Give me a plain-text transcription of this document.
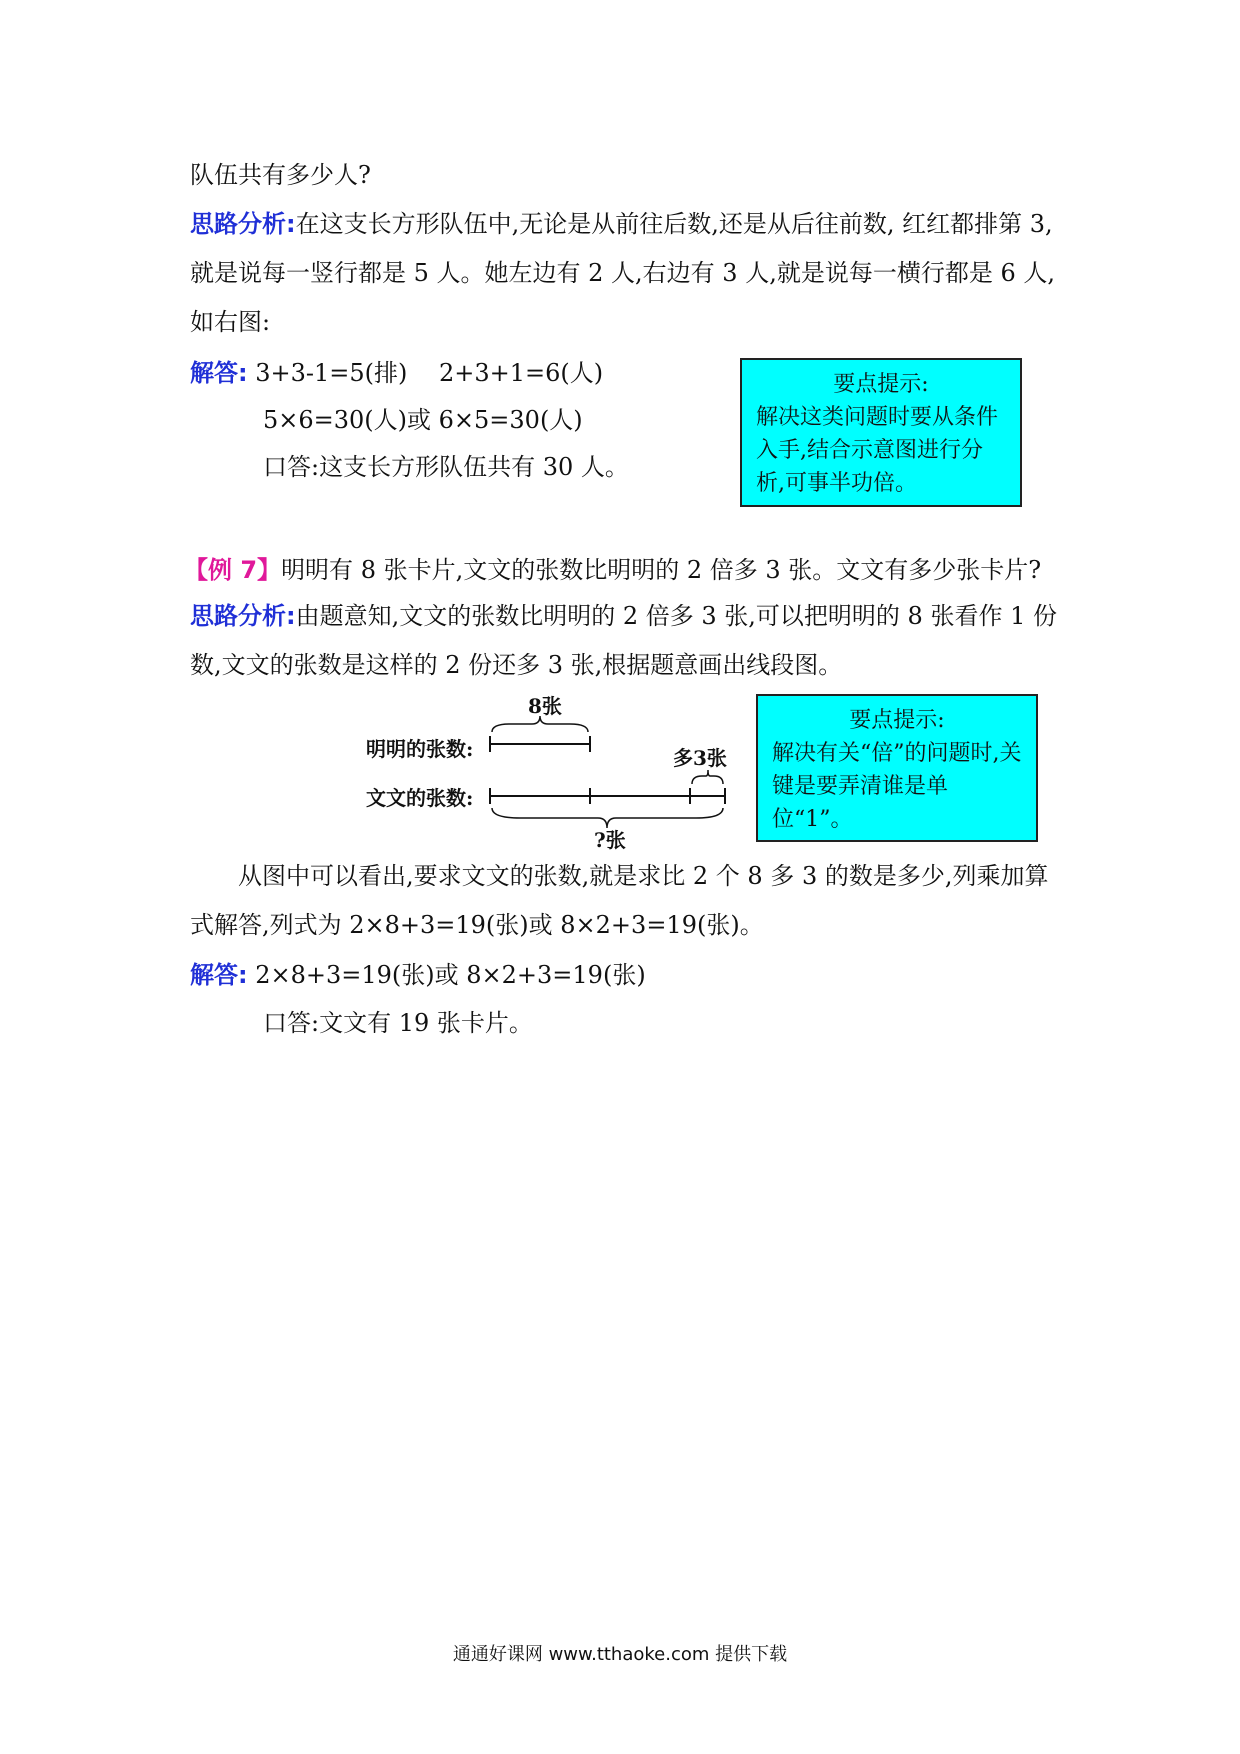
队伍共有多少人?

思路分析:在这支长方形队伍中,无论是从前往后数,还是从后往前数, 红红都排第 3,就是说每一竖行都是 5 人。她左边有 2 人,右边有 3 人,就是说每一横行都是 6 人,如右图:

解答: 3+3-1=5(排)　 2+3+1=6(人)
5×6=30(人)或 6×5=30(人)
口答:这支长方形队伍共有 30 人。
要点提示:
解决这类问题时要从条件入手,结合示意图进行分析,可事半功倍。
【例 7】明明有 8 张卡片,文文的张数比明明的 2 倍多 3 张。文文有多少张卡片?

思路分析:由题意知,文文的张数比明明的 2 倍多 3 张,可以把明明的 8 张看作 1 份数,文文的张数是这样的 2 份还多 3 张,根据题意画出线段图。

8张
明明的张数:	多3张
文文的张数:
?张
要点提示:
解决有关“倍”的问题时,关键是要弄清谁是单位“1”。

从图中可以看出,要求文文的张数,就是求比 2 个 8 多 3 的数是多少,列乘加算式解答,列式为 2×8+3=19(张)或 8×2+3=19(张)。

解答: 2×8+3=19(张)或 8×2+3=19(张)
口答:文文有 19 张卡片。
通通好课网 www.tthaoke.com 提供下载
